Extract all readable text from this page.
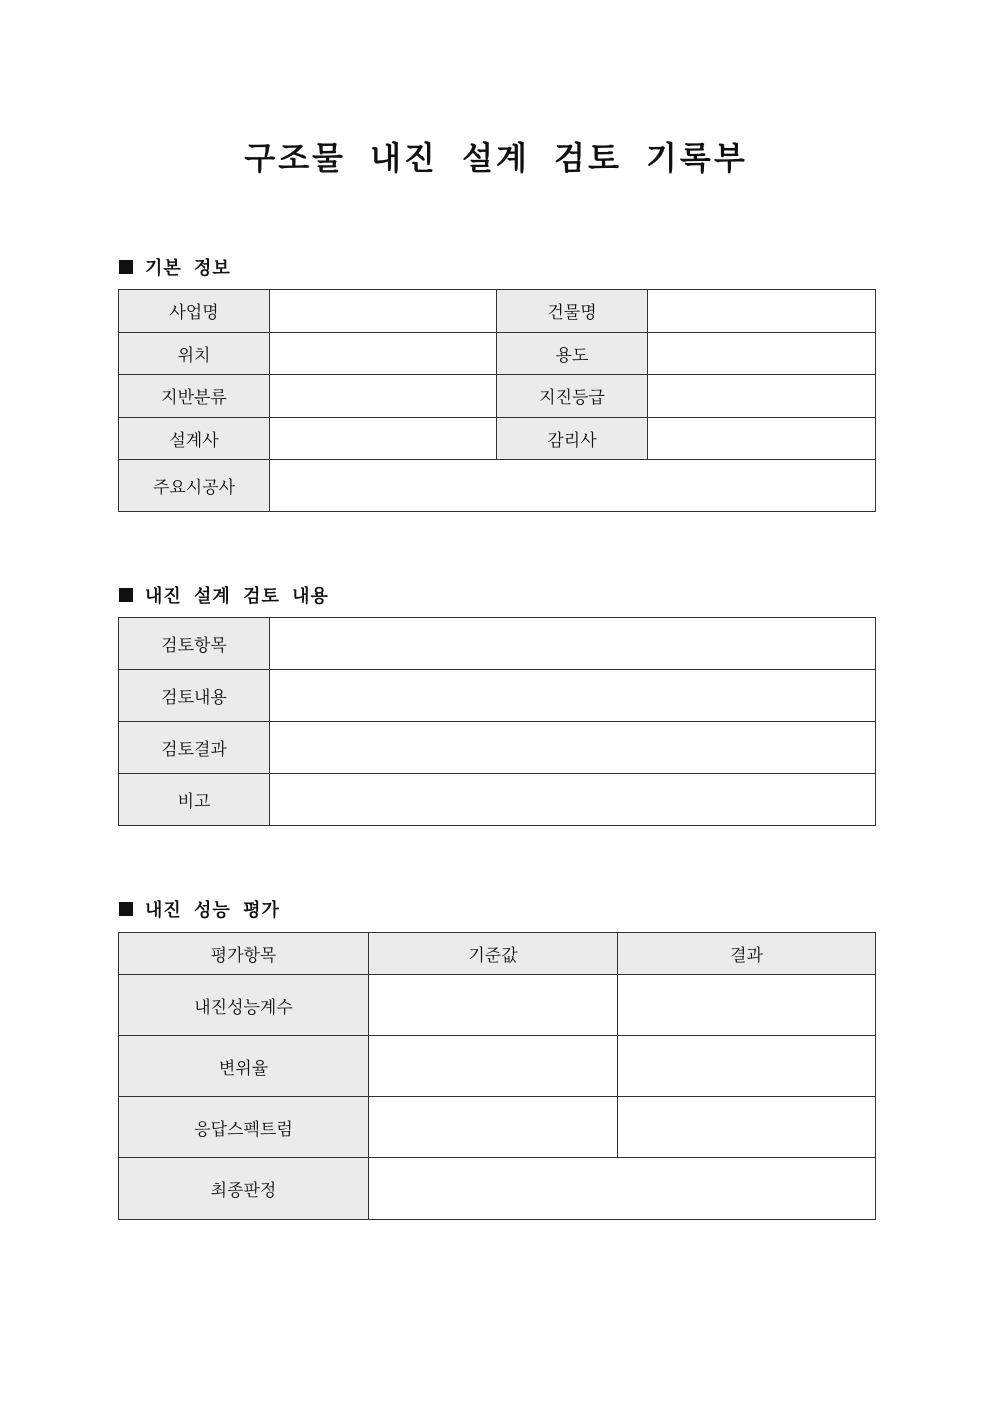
구조물 내진 설계 검토 기록부
기본 정보
사업명		건물명	
위치		용도	
지반분류		지진등급	
설계사		감리사	
주요시공사			
내진 설계 검토 내용
검토항목	
검토내용	
검토결과	
비고	
내진 성능 평가
평가항목	기준값	결과
내진성능계수		
변위율		
응답스펙트럼		
최종판정		
